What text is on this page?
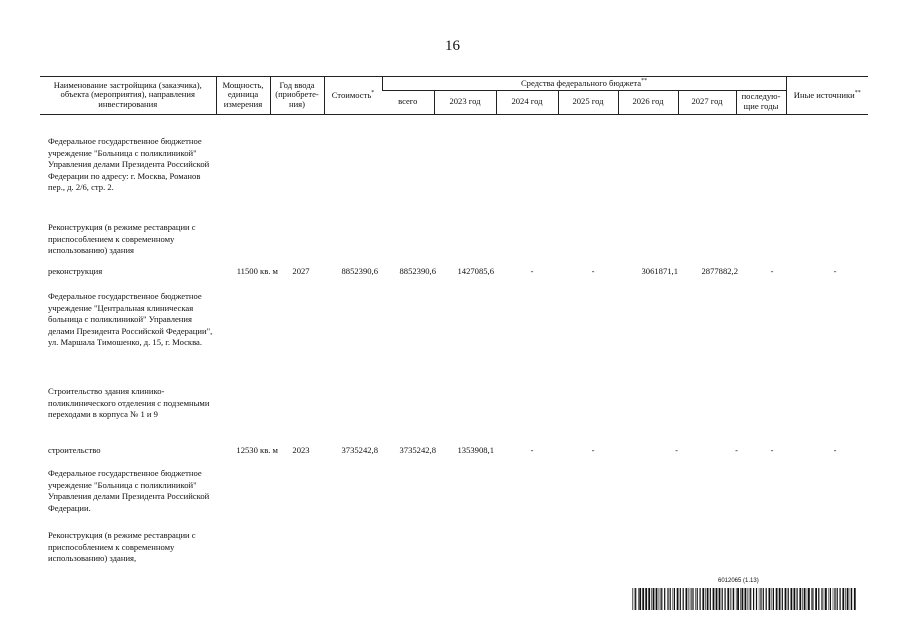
16
Наименование застройщика (заказчика), объекта (мероприятия), направления инвестирования	Мощность, единица измерения	Год ввода (приобрете-ния)	Стоимость*	Средства федерального бюджета**							Иные источники**
				всего	2023 год	2024 год	2025 год	2026 год	2027 год	последую-щие годы	
Федеральное государственное бюджетное учреждение "Больница с поликлиникой" Управления делами Президента Российской Федерации по адресу: г. Москва, Романов пер., д. 2/6, стр. 2.
Реконструкция (в режиме реставрации с приспособлением к современному использованию) здания
реконструкция	11500 кв. м	2027	8852390,6	8852390,6	1427085,6	-	-	3061871,1	2877882,2	-	-
Федеральное государственное бюджетное учреждение "Центральная клиническая больница с поликлиникой" Управления делами Президента Российской Федерации", ул. Маршала Тимошенко, д. 15, г. Москва.
Строительство здания клинико-поликлинического отделения с подземными переходами в корпуса № 1 и 9
строительство	12530 кв. м	2023	3735242,8	3735242,8	1353908,1	-	-	-	-	-	-
Федеральное государственное бюджетное учреждение "Больница с поликлиникой" Управления делами Президента Российской Федерации.
Реконструкция (в режиме реставрации с приспособлением к современному использованию) здания,
6012065 (1.13)
